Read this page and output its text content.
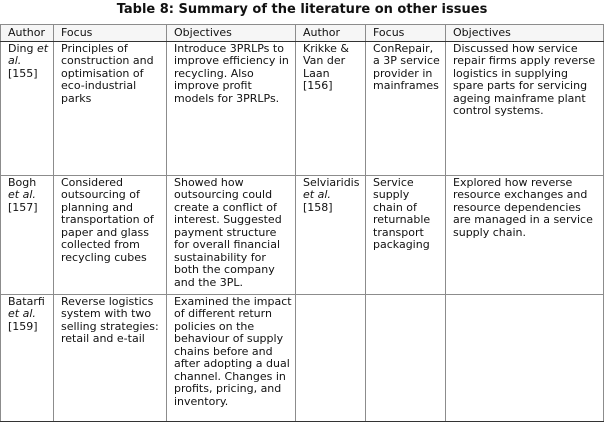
Table 8: Summary of the literature on other issues
Author	Focus	Objectives	Author	Focus	Objectives
Ding et al. [155]	Principles of construction and optimisation of eco-industrial parks	Introduce 3PRLPs to improve efficiency in recycling. Also improve profit models for 3PRLPs.	Krikke & Van der Laan [156]	ConRepair, a 3P service provider in mainframes	Discussed how service repair firms apply reverse logistics in supplying spare parts for servicing ageing mainframe plant control systems.
Bogh et al. [157]	Considered outsourcing of planning and transportation of paper and glass collected from recycling cubes	Showed how outsourcing could create a conflict of interest. Suggested payment structure for overall financial sustainability for both the company and the 3PL.	Selviaridis et al. [158]	Service supply chain of returnable transport packaging	Explored how reverse resource exchanges and resource dependencies are managed in a service supply chain.
Batarfi et al. [159]	Reverse logistics system with two selling strategies: retail and e-tail	Examined the impact of different return policies on the behaviour of supply chains before and after adopting a dual channel. Changes in profits, pricing, and inventory.			
